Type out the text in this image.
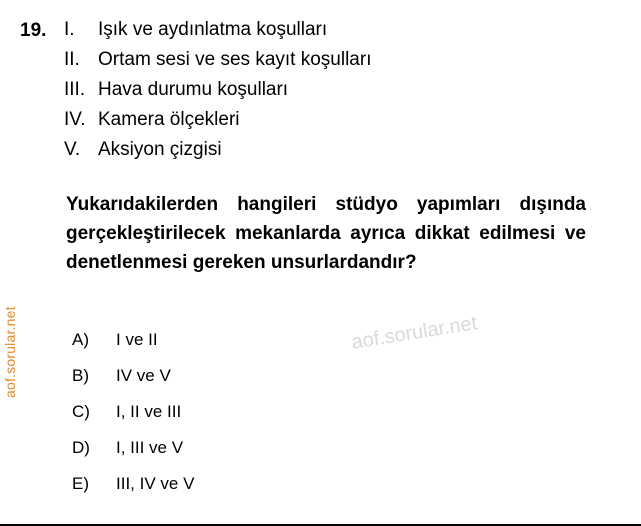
aof.sorular.net
19. I.	Işık ve aydınlatma koşulları
II. Ortam sesi ve ses kayıt koşulları
III. Hava durumu koşulları
IV. Kamera ölçekleri
V. Aksiyon çizgisi
Yukarıdakilerden hangileri stüdyo yapımları dışında gerçekleştirilecek mekanlarda ayrıca dikkat edilmesi ve denetlenmesi gereken unsurlardandır?
A)	I ve II
B)	IV ve V
C)	I, II ve III
D)	I, III ve V
E)	III, IV ve V
aof.sorular.net
